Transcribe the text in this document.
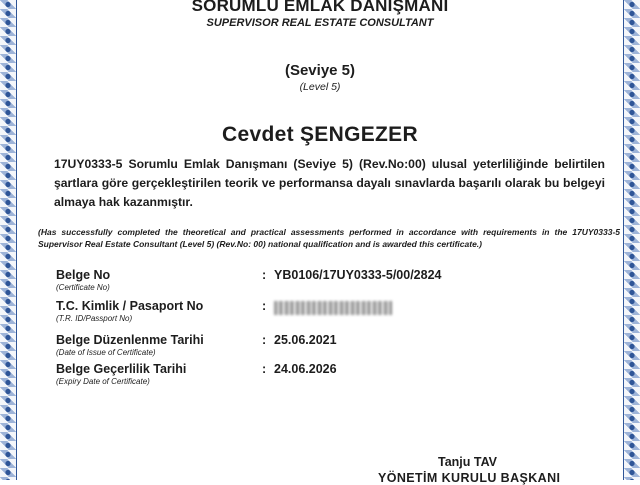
SORUMLU EMLAK DANIŞMANI
SUPERVISOR REAL ESTATE CONSULTANT
(Seviye 5)
(Level 5)
Cevdet ŞENGEZER
17UY0333-5 Sorumlu Emlak Danışmanı (Seviye 5) (Rev.No:00) ulusal yeterliliğinde belirtilen şartlara göre gerçekleştirilen teorik ve performansa dayalı sınavlarda başarılı olarak bu belgeyi almaya hak kazanmıştır.
(Has successfully completed the theoretical and practical assessments performed in accordance with requirements in the 17UY0333-5 Supervisor Real Estate Consultant (Level 5) (Rev.No: 00) national qualification and is awarded this certificate.)
Belge No
(Certificate No)
: YB0106/17UY0333-5/00/2824
T.C. Kimlik / Pasaport No
(T.R. ID/Passport No)
:
Belge Düzenlenme Tarihi
(Date of Issue of Certificate)
: 25.06.2021
Belge Geçerlilik Tarihi
(Expiry Date of Certificate)
: 24.06.2026
Tanju TAV
YÖNETİM KURULU BAŞKANI
